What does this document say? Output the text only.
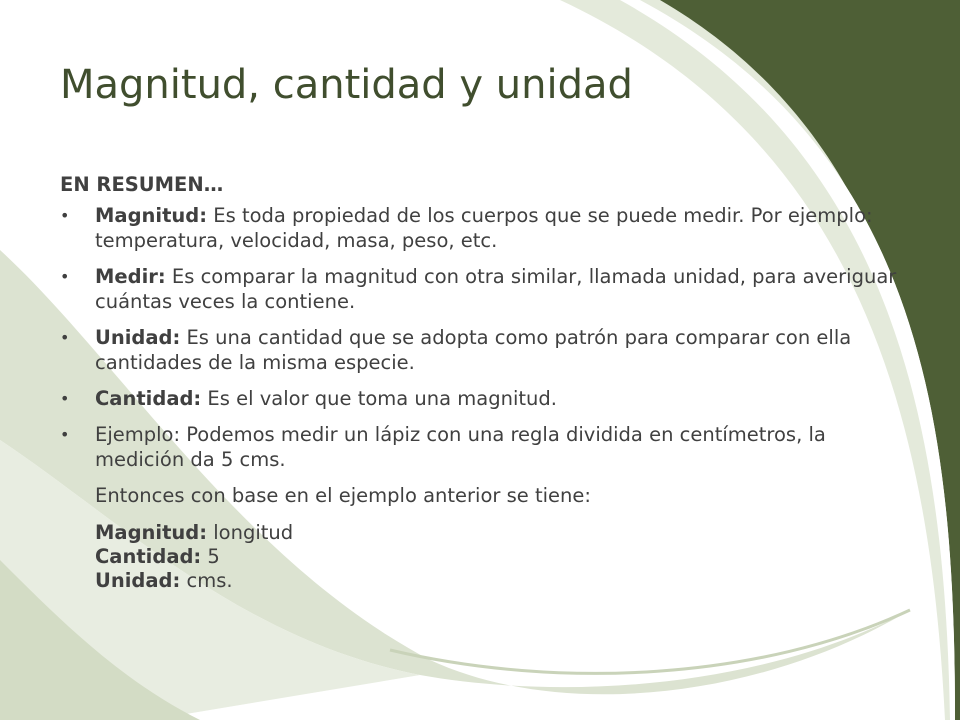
Magnitud, cantidad y unidad
EN RESUMEN…
• Magnitud: Es toda propiedad de los cuerpos que se puede medir. Por ejemplo: temperatura, velocidad, masa, peso, etc.
• Medir: Es comparar la magnitud con otra similar, llamada unidad, para averiguar cuántas veces la contiene.
• Unidad: Es una cantidad que se adopta como patrón para comparar con ella cantidades de la misma especie.
• Cantidad: Es el valor que toma una magnitud.
• Ejemplo: Podemos medir un lápiz con una regla dividida en centímetros, la medición da 5 cms.
Entonces con base en el ejemplo anterior se tiene:
Magnitud: longitud
Cantidad: 5
Unidad: cms.
